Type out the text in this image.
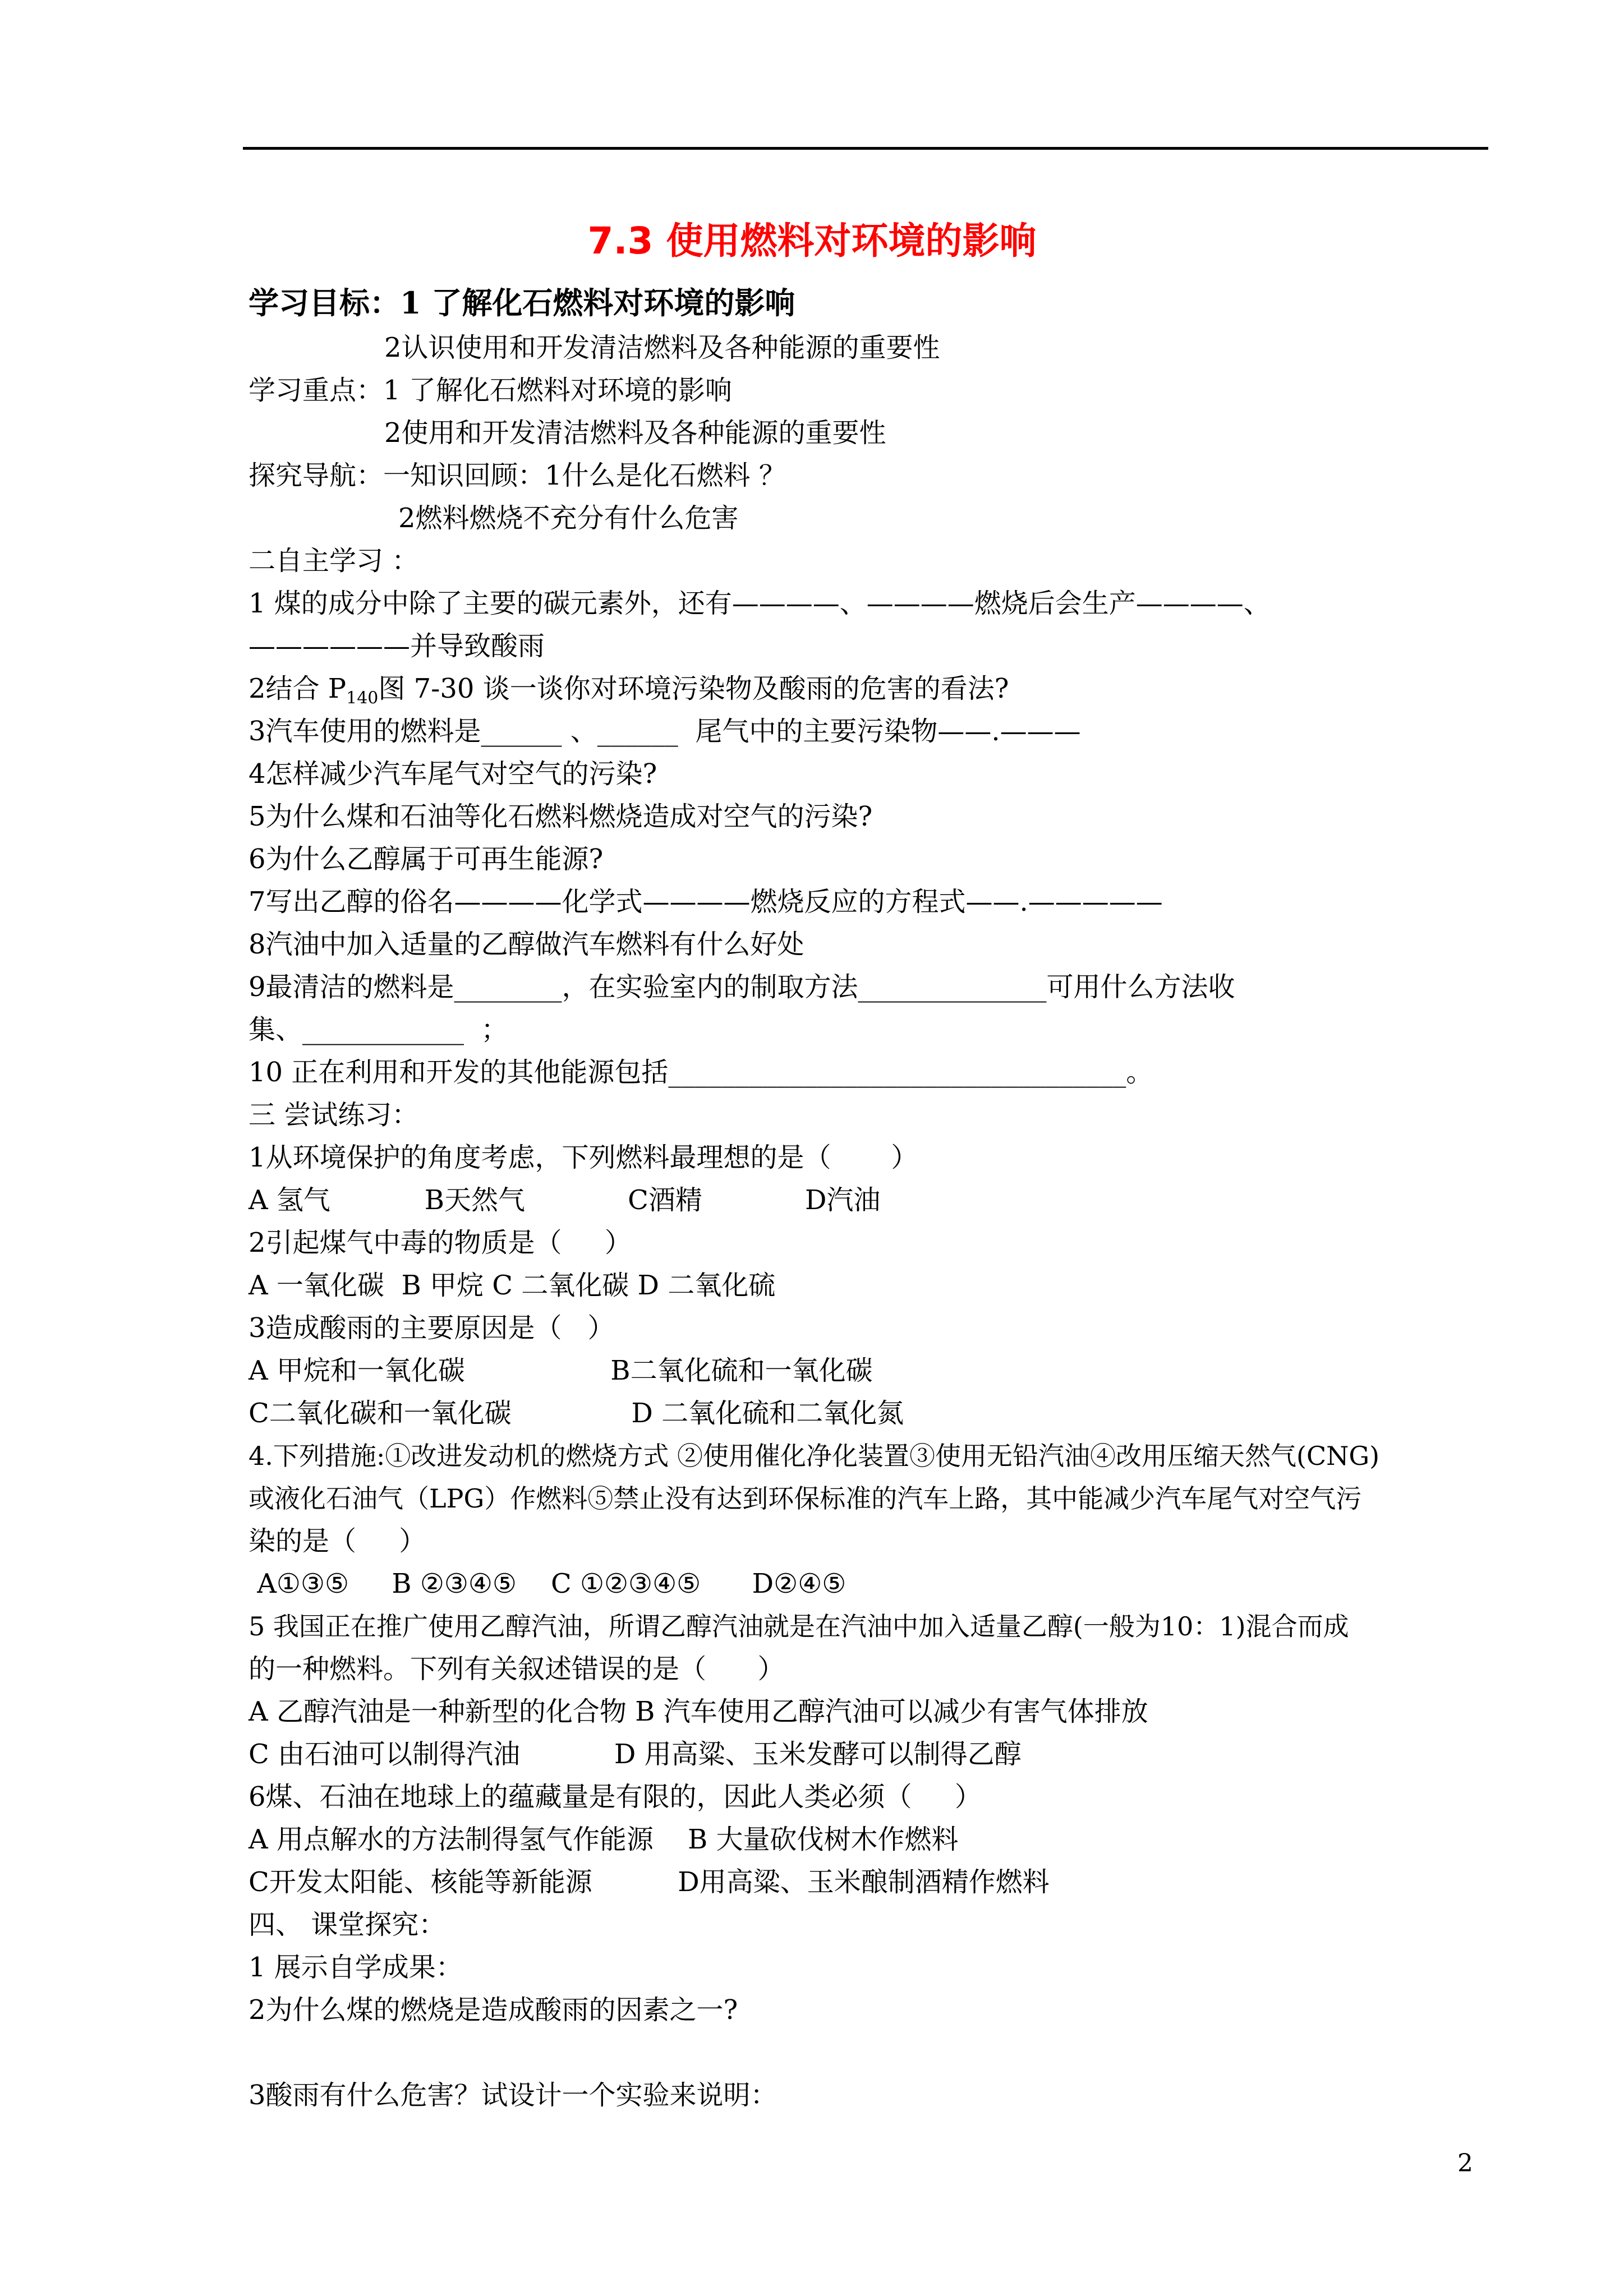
7.3 使用燃料对环境的影响
学习目标：1 了解化石燃料对环境的影响
2认识使用和开发清洁燃料及各种能源的重要性
学习重点：1 了解化石燃料对环境的影响
2使用和开发清洁燃料及各种能源的重要性
探究导航：一知识回顾：1什么是化石燃料 ？
2燃料燃烧不充分有什么危害
二自主学习 ：
1 煤的成分中除了主要的碳元素外，还有————、————燃烧后会生产————、
——————并导致酸雨
2结合 $P_{140}$图 7-30 谈一谈你对环境污染物及酸雨的危害的看法?
3汽车使用的燃料是______ 、______  尾气中的主要污染物——.———
4怎样减少汽车尾气对空气的污染?
5为什么煤和石油等化石燃料燃烧造成对空气的污染?
6为什么乙醇属于可再生能源?
7写出乙醇的俗名————化学式————燃烧反应的方程式——.—————
8汽油中加入适量的乙醇做汽车燃料有什么好处
9最清洁的燃料是________，在实验室内的制取方法______________可用什么方法收
集、____________  ；
10 正在利用和开发的其他能源包括__________________________________。
三 尝试练习：
1从环境保护的角度考虑，下列燃料最理想的是（       ）
A 氢气           B天然气            C酒精            D汽油
2引起煤气中毒的物质是（     ）
A 一氧化碳  B 甲烷 C 二氧化碳 D 二氧化硫
3造成酸雨的主要原因是（   ）
A 甲烷和一氧化碳                 B二氧化硫和一氧化碳
C二氧化碳和一氧化碳              D 二氧化硫和二氧化氮
4.下列措施:①改进发动机的燃烧方式 ②使用催化净化装置③使用无铅汽油④改用压缩天然气(CNG)
或液化石油气（LPG）作燃料⑤禁止没有达到环保标准的汽车上路，其中能减少汽车尾气对空气污
染的是（     ）
A①③⑤     B ②③④⑤    C ①②③④⑤      D②④⑤
5 我国正在推广使用乙醇汽油，所谓乙醇汽油就是在汽油中加入适量乙醇(一般为10：1)混合而成
的一种燃料。下列有关叙述错误的是（      ）
A 乙醇汽油是一种新型的化合物 B 汽车使用乙醇汽油可以减少有害气体排放
C 由石油可以制得汽油           D 用高粱、玉米发酵可以制得乙醇
6煤、石油在地球上的蕴藏量是有限的，因此人类必须（     ）
A 用点解水的方法制得氢气作能源    B 大量砍伐树木作燃料
C开发太阳能、核能等新能源          D用高粱、玉米酿制酒精作燃料
四、 课堂探究：
1 展示自学成果：
2为什么煤的燃烧是造成酸雨的因素之一?
3酸雨有什么危害？试设计一个实验来说明：
2
